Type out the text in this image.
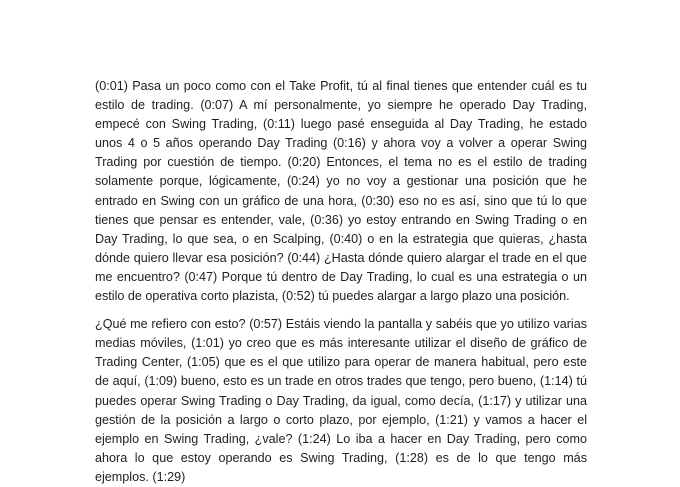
(0:01) Pasa un poco como con el Take Profit, tú al final tienes que entender cuál es tu estilo de trading. (0:07) A mí personalmente, yo siempre he operado Day Trading, empecé con Swing Trading, (0:11) luego pasé enseguida al Day Trading, he estado unos 4 o 5 años operando Day Trading (0:16) y ahora voy a volver a operar Swing Trading por cuestión de tiempo. (0:20) Entonces, el tema no es el estilo de trading solamente porque, lógicamente, (0:24) yo no voy a gestionar una posición que he entrado en Swing con un gráfico de una hora, (0:30) eso no es así, sino que tú lo que tienes que pensar es entender, vale, (0:36) yo estoy entrando en Swing Trading o en Day Trading, lo que sea, o en Scalping, (0:40) o en la estrategia que quieras, ¿hasta dónde quiero llevar esa posición? (0:44) ¿Hasta dónde quiero alargar el trade en el que me encuentro? (0:47) Porque tú dentro de Day Trading, lo cual es una estrategia o un estilo de operativa corto plazista, (0:52) tú puedes alargar a largo plazo una posición.

¿Qué me refiero con esto? (0:57) Estáis viendo la pantalla y sabéis que yo utilizo varias medias móviles, (1:01) yo creo que es más interesante utilizar el diseño de gráfico de Trading Center, (1:05) que es el que utilizo para operar de manera habitual, pero este de aquí, (1:09) bueno, esto es un trade en otros trades que tengo, pero bueno, (1:14) tú puedes operar Swing Trading o Day Trading, da igual, como decía, (1:17) y utilizar una gestión de la posición a largo o corto plazo, por ejemplo, (1:21) y vamos a hacer el ejemplo en Swing Trading, ¿vale? (1:24) Lo iba a hacer en Day Trading, pero como ahora lo que estoy operando es Swing Trading, (1:28) es de lo que tengo más ejemplos. (1:29)
